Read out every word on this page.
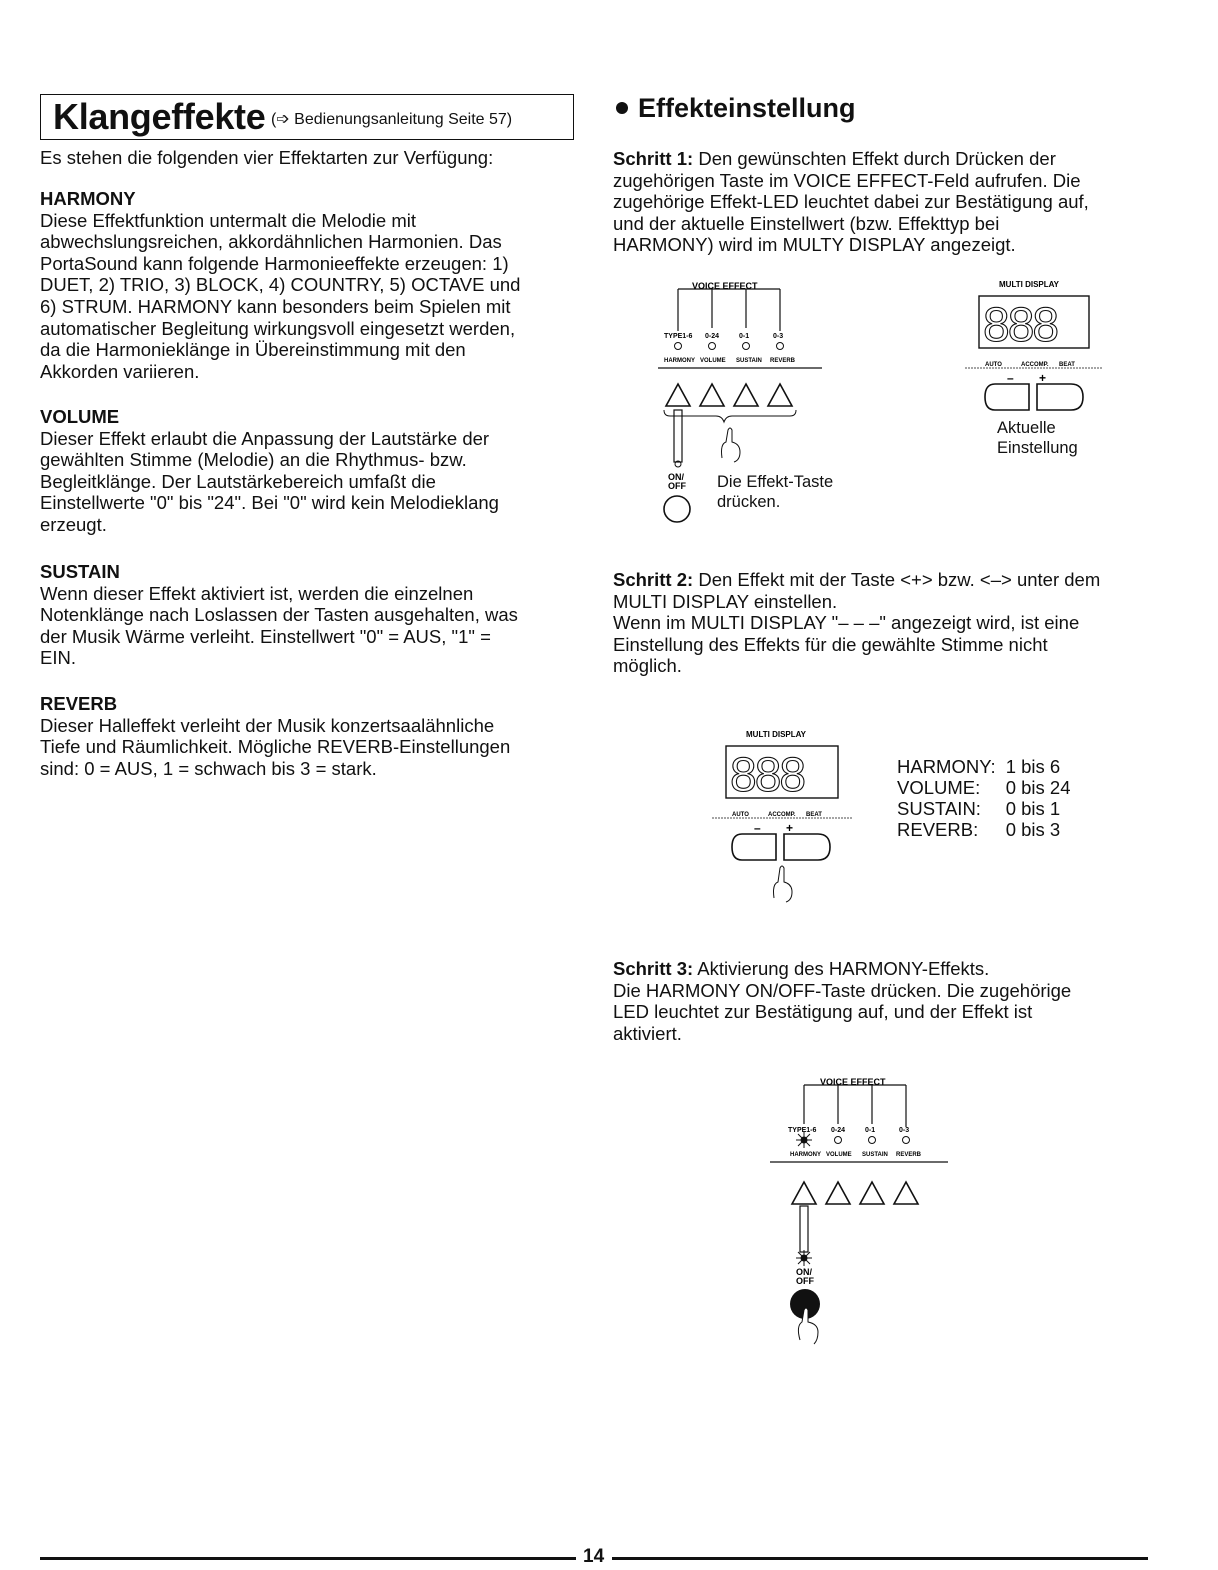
Klangeffekte (➩ Bedienungsanleitung Seite 57)

Es stehen die folgenden vier Effektarten zur Verfügung:

HARMONY

Diese Effektfunktion untermalt die Melodie mit

abwechslungsreichen, akkordähnlichen Harmonien. Das

PortaSound kann folgende Harmonieeffekte erzeugen: 1)

DUET, 2) TRIO, 3) BLOCK, 4) COUNTRY, 5) OCTAVE und

6) STRUM. HARMONY kann besonders beim Spielen mit

automatischer Begleitung wirkungsvoll eingesetzt werden,

da die Harmonieklänge in Übereinstimmung mit den

Akkorden variieren.

VOLUME

Dieser Effekt erlaubt die Anpassung der Lautstärke der

gewählten Stimme (Melodie) an die Rhythmus- bzw.

Begleitklänge. Der Lautstärkebereich umfaßt die

Einstellwerte "0" bis "24". Bei "0" wird kein Melodieklang

erzeugt.

SUSTAIN

Wenn dieser Effekt aktiviert ist, werden die einzelnen

Notenklänge nach Loslassen der Tasten ausgehalten, was

der Musik Wärme verleiht. Einstellwert "0" = AUS, "1" =

EIN.

REVERB

Dieser Halleffekt verleiht der Musik konzertsaalähnliche

Tiefe und Räumlichkeit. Mögliche REVERB-Einstellungen

sind: 0 = AUS, 1 = schwach bis 3 = stark.

Effekteinstellung

Schritt 1: Den gewünschten Effekt durch Drücken der

zugehörigen Taste im VOICE EFFECT-Feld aufrufen. Die

zugehörige Effekt-LED leuchtet dabei zur Bestätigung auf,

und der aktuelle Einstellwert (bzw. Effekttyp bei

HARMONY) wird im MULTY DISPLAY angezeigt.

VOICE EFFECT
TYPE1-6 0-24	0-1	0-3
HARMONY VOLUME SUSTAIN REVERB
ON/
OFF Die Effekt-Taste
drücken.
MULTI DISPLAY
888
AUTO	ACCOMP. BEAT
– +
Aktuelle
Einstellung

Schritt 2: Den Effekt mit der Taste <+> bzw. <–> unter dem

MULTI DISPLAY einstellen.

Wenn im MULTI DISPLAY "– – –" angezeigt wird, ist eine

Einstellung des Effekts für die gewählte Stimme nicht

möglich.

MULTI DISPLAY
888
AUTO	ACCOMP. BEAT
– +
HARMONY:	1 bis 6
VOLUME:	0 bis 24
SUSTAIN:	0 bis 1
REVERB:	0 bis 3

Schritt 3: Aktivierung des HARMONY-Effekts.

Die HARMONY ON/OFF-Taste drücken. Die zugehörige

LED leuchtet zur Bestätigung auf, und der Effekt ist

aktiviert.

VOICE EFFECT
TYPE1-6 0-24	0-1	0-3
HARMONY VOLUME SUSTAIN REVERB
ON/
OFF
14
